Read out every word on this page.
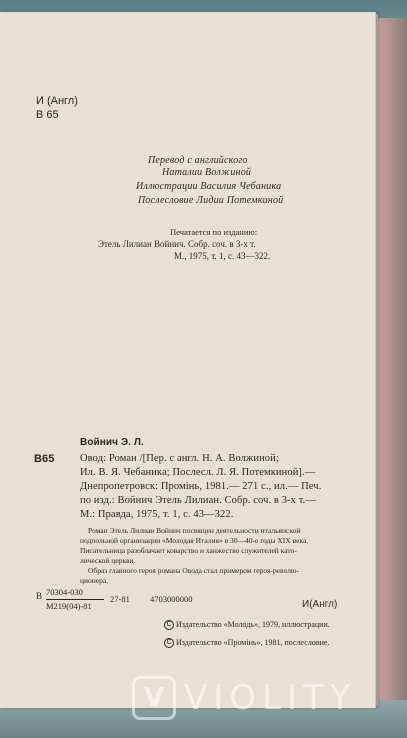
И (Англ)
В 65
Перевод с английского
Наталии Волжиной
Иллюстрации Василия Чебаника
Послесловие Лидии Потемкиной
Печатается по изданию:
Этель Лилиан Войнич. Собр. соч. в 3-х т.
М., 1975, т. 1, с. 43—322.
Войнич Э. Л.
В65 Овод: Роман /[Пер. с англ. Н. А. Волжиной;
Ил. В. Я. Чебаника; Послесл. Л. Я. Потемкиной].—
Днепропетровск: Промінь, 1981.— 271 с., ил.— Печ.
по изд.: Войнич Этель Лилиан. Собр. соч. в 3-х т.—
М.: Правда, 1975, т. 1, с. 43—322.
Роман Этель Лилиан Войнич посвящен деятельности итальянской
подпольной организации «Молодая Италия» в 30—40-е годы XIX века.
Писательница разоблачает коварство и ханжество служителей като-
лической церкви.
Образ главного героя романа Овода стал примером героя-револю-
ционера.
В 70304-030
М219(04)-81
27-81 4703000000	И(Англ)
C Издательство «Молодь», 1979, иллюстрации.
C Издательство «Промінь», 1981, послесловие.
V VIOLITY
